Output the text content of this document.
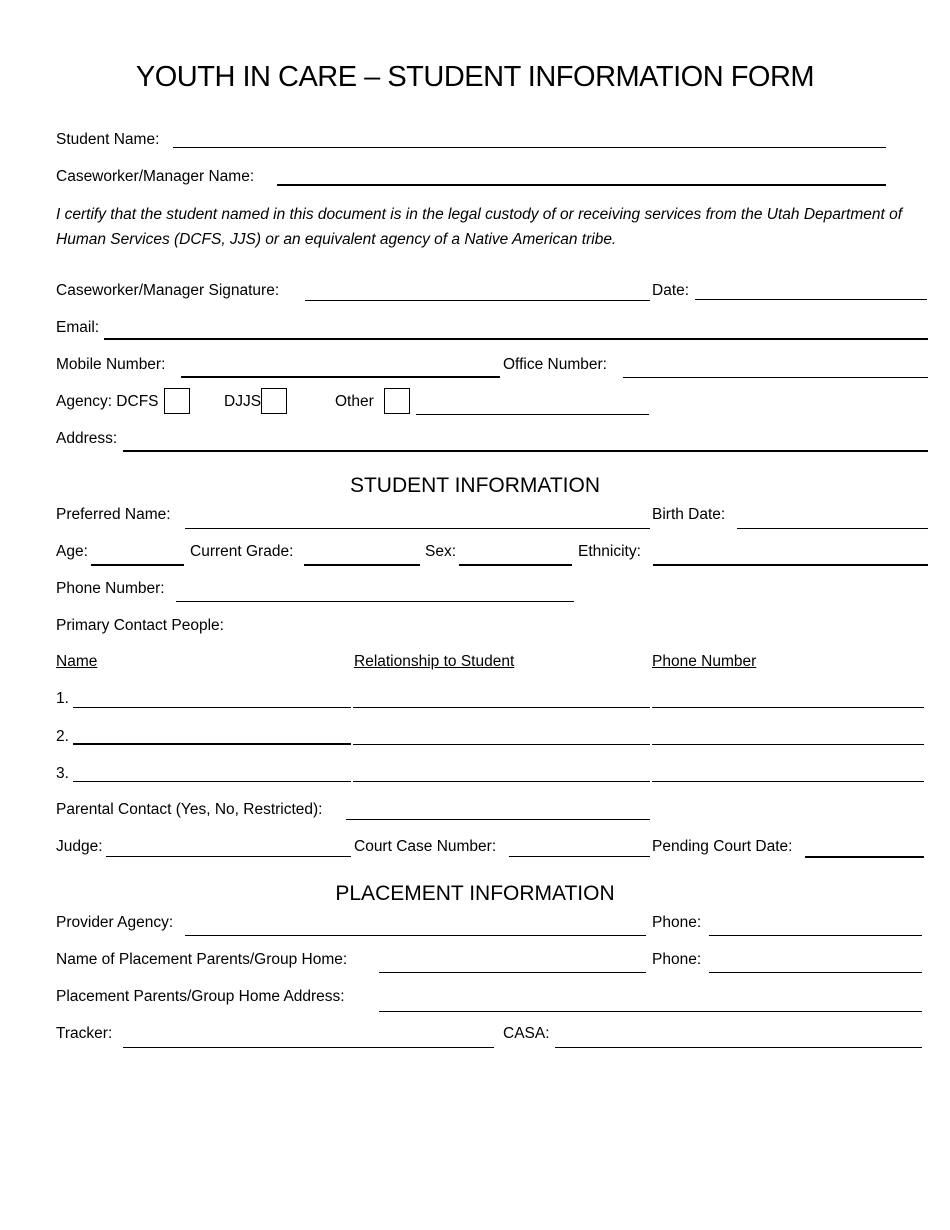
YOUTH IN CARE – STUDENT INFORMATION FORM
Student Name:
Caseworker/Manager Name:
I certify that the student named in this document is in the legal custody of or receiving services from the Utah Department of Human Services (DCFS, JJS) or an equivalent agency of a Native American tribe.
Caseworker/Manager Signature:	Date:
Email:
Mobile Number:	Office Number:
Agency: DCFS	DJJS	Other
Address:
STUDENT INFORMATION
Preferred Name:	Birth Date:
Age:	Current Grade:	Sex:	Ethnicity:
Phone Number:
Primary Contact People:
Name	Relationship to Student	Phone Number
1.
2.
3.
Parental Contact (Yes, No, Restricted):
Judge:	Court Case Number:	Pending Court Date:
PLACEMENT INFORMATION
Provider Agency:	Phone:
Name of Placement Parents/Group Home:	Phone:
Placement Parents/Group Home Address:
Tracker:	CASA:
